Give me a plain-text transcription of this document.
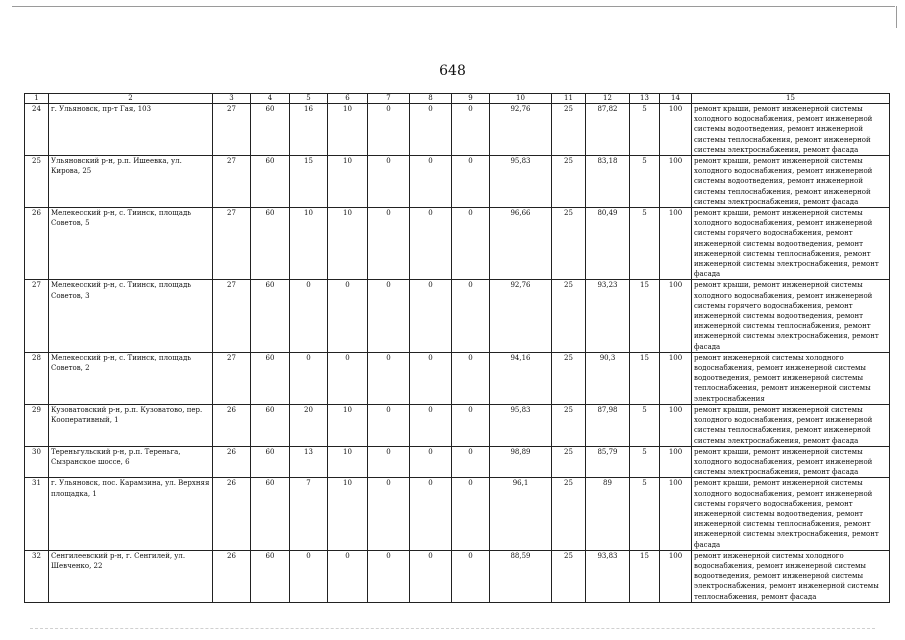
648
1	2	3	4	5	6	7	8	9	10	11	12	13	14	15
24	г. Ульяновск, пр-т Гая, 103	27	60	16	10	0	0	0	92,76	25	87,82	5	100	ремонт крыши, ремонт инженерной системы холодного водоснабжения, ремонт инженерной системы водоотведения, ремонт инженерной системы теплоснабжения, ремонт инженерной системы электроснабжения, ремонт фасада
25	Ульяновский р-н, р.п. Ишеевка, ул. Кирова, 25	27	60	15	10	0	0	0	95,83	25	83,18	5	100	ремонт крыши, ремонт инженерной системы холодного водоснабжения, ремонт инженерной системы водоотведения, ремонт инженерной системы теплоснабжения, ремонт инженерной системы электроснабжения, ремонт фасада
26	Мелекесский р-н, с. Тиинск, площадь Советов, 5	27	60	10	10	0	0	0	96,66	25	80,49	5	100	ремонт крыши, ремонт инженерной системы холодного водоснабжения, ремонт инженерной системы горячего водоснабжения, ремонт инженерной системы водоотведения, ремонт инженерной системы теплоснабжения, ремонт инженерной системы электроснабжения, ремонт фасада
27	Мелекесский р-н, с. Тиинск, площадь Советов, 3	27	60	0	0	0	0	0	92,76	25	93,23	15	100	ремонт крыши, ремонт инженерной системы холодного водоснабжения, ремонт инженерной системы горячего водоснабжения, ремонт инженерной системы водоотведения, ремонт инженерной системы теплоснабжения, ремонт инженерной системы электроснабжения, ремонт фасада
28	Мелекесский р-н, с. Тиинск, площадь Советов, 2	27	60	0	0	0	0	0	94,16	25	90,3	15	100	ремонт инженерной системы холодного водоснабжения, ремонт инженерной системы водоотведения, ремонт инженерной системы теплоснабжения, ремонт инженерной системы электроснабжения
29	Кузоватовский р-н, р.п. Кузоватово, пер. Кооперативный, 1	26	60	20	10	0	0	0	95,83	25	87,98	5	100	ремонт крыши, ремонт инженерной системы холодного водоснабжения, ремонт инженерной системы теплоснабжения, ремонт инженерной системы электроснабжения, ремонт фасада
30	Тереньгульский р-н, р.п. Тереньга, Сызранское шоссе, 6	26	60	13	10	0	0	0	98,89	25	85,79	5	100	ремонт крыши, ремонт инженерной системы холодного водоснабжения, ремонт инженерной системы электроснабжения, ремонт фасада
31	г. Ульяновск, пос. Карамзина, ул. Верхняя площадка, 1	26	60	7	10	0	0	0	96,1	25	89	5	100	ремонт крыши, ремонт инженерной системы холодного водоснабжения, ремонт инженерной системы горячего водоснабжения, ремонт инженерной системы водоотведения, ремонт инженерной системы теплоснабжения, ремонт инженерной системы электроснабжения, ремонт фасада
32	Сенгилеевский р-н, г. Сенгилей, ул. Шевченко, 22	26	60	0	0	0	0	0	88,59	25	93,83	15	100	ремонт инженерной системы холодного водоснабжения, ремонт инженерной системы водоотведения, ремонт инженерной системы электроснабжения, ремонт инженерной системы теплоснабжения, ремонт фасада
